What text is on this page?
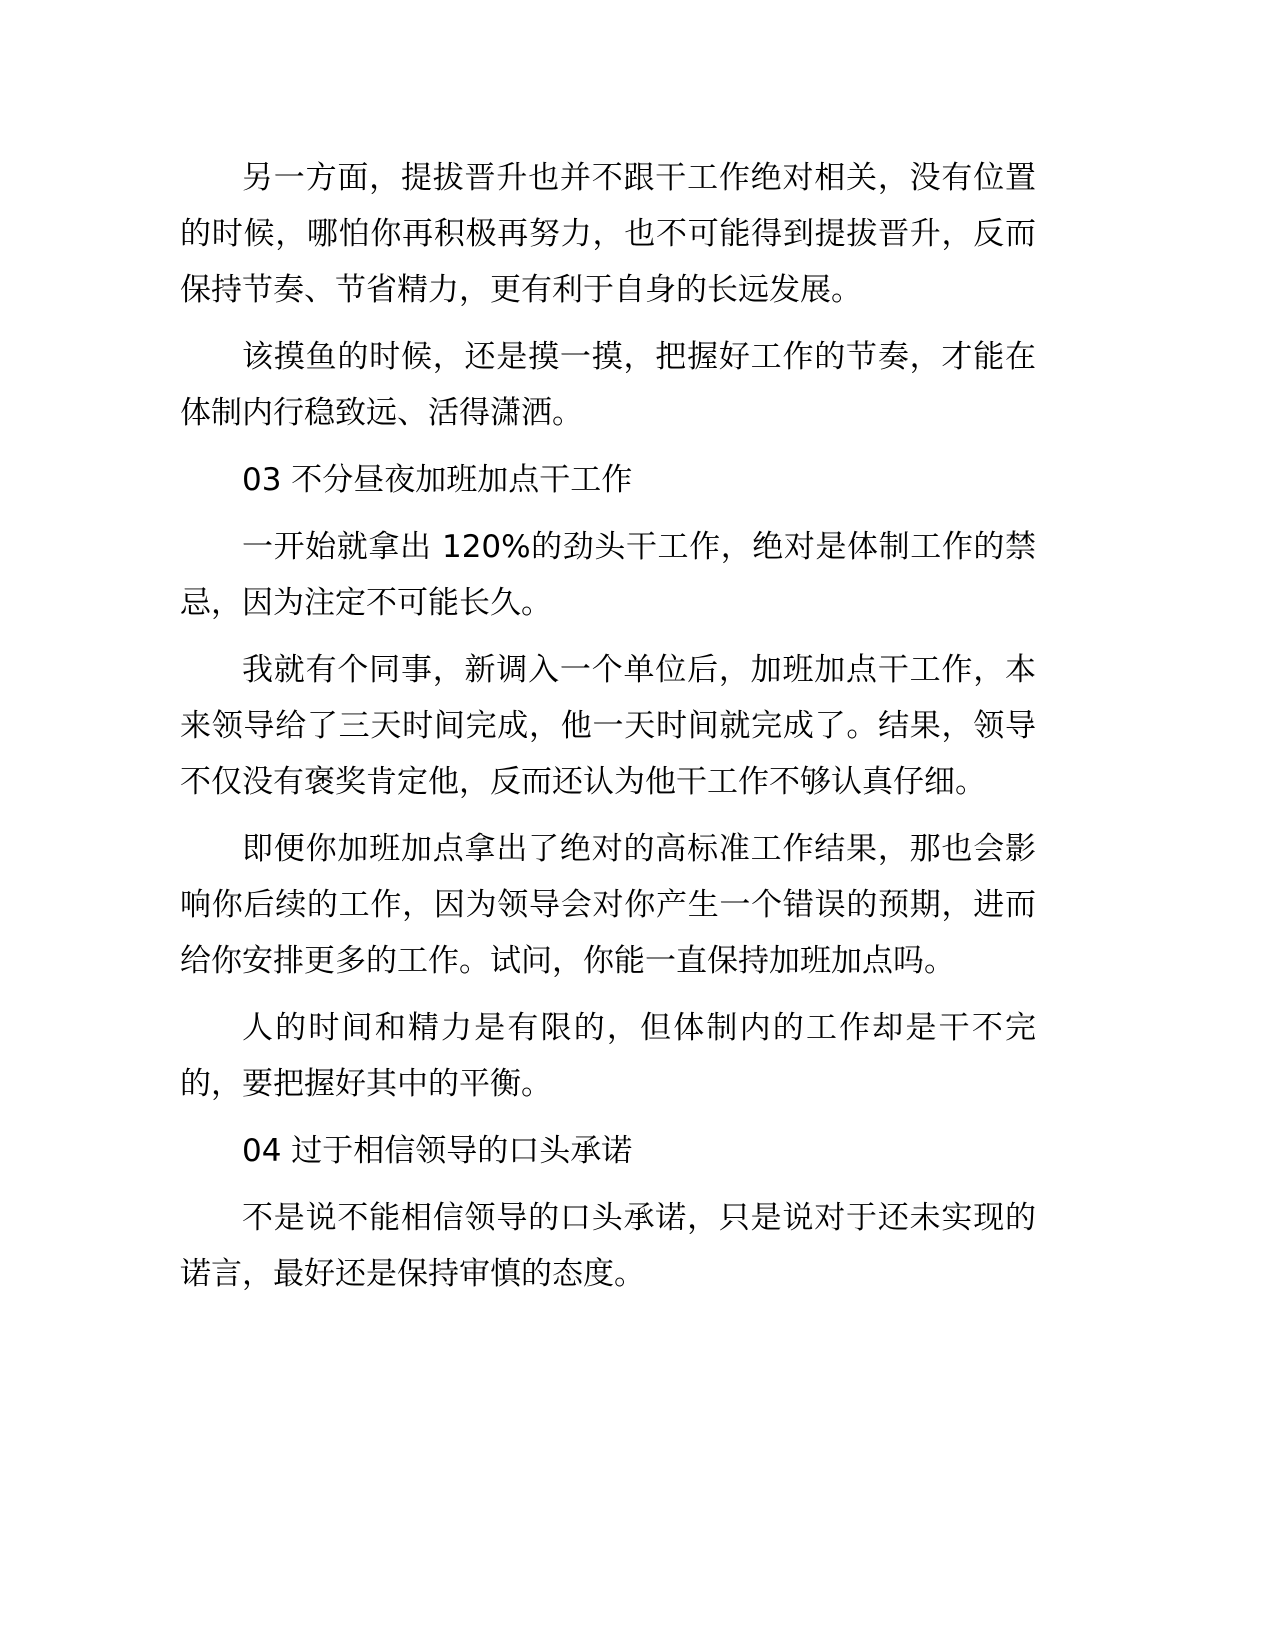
另一方面，提拔晋升也并不跟干工作绝对相关，没有位置的时候，哪怕你再积极再努力，也不可能得到提拔晋升，反而保持节奏、节省精力，更有利于自身的长远发展。

该摸鱼的时候，还是摸一摸，把握好工作的节奏，才能在体制内行稳致远、活得潇洒。

03 不分昼夜加班加点干工作

一开始就拿出 120%的劲头干工作，绝对是体制工作的禁忌，因为注定不可能长久。

我就有个同事，新调入一个单位后，加班加点干工作，本来领导给了三天时间完成，他一天时间就完成了。结果，领导不仅没有褒奖肯定他，反而还认为他干工作不够认真仔细。

即便你加班加点拿出了绝对的高标准工作结果，那也会影响你后续的工作，因为领导会对你产生一个错误的预期，进而给你安排更多的工作。试问，你能一直保持加班加点吗。

人的时间和精力是有限的，但体制内的工作却是干不完的，要把握好其中的平衡。

04 过于相信领导的口头承诺

不是说不能相信领导的口头承诺，只是说对于还未实现的诺言，最好还是保持审慎的态度。
